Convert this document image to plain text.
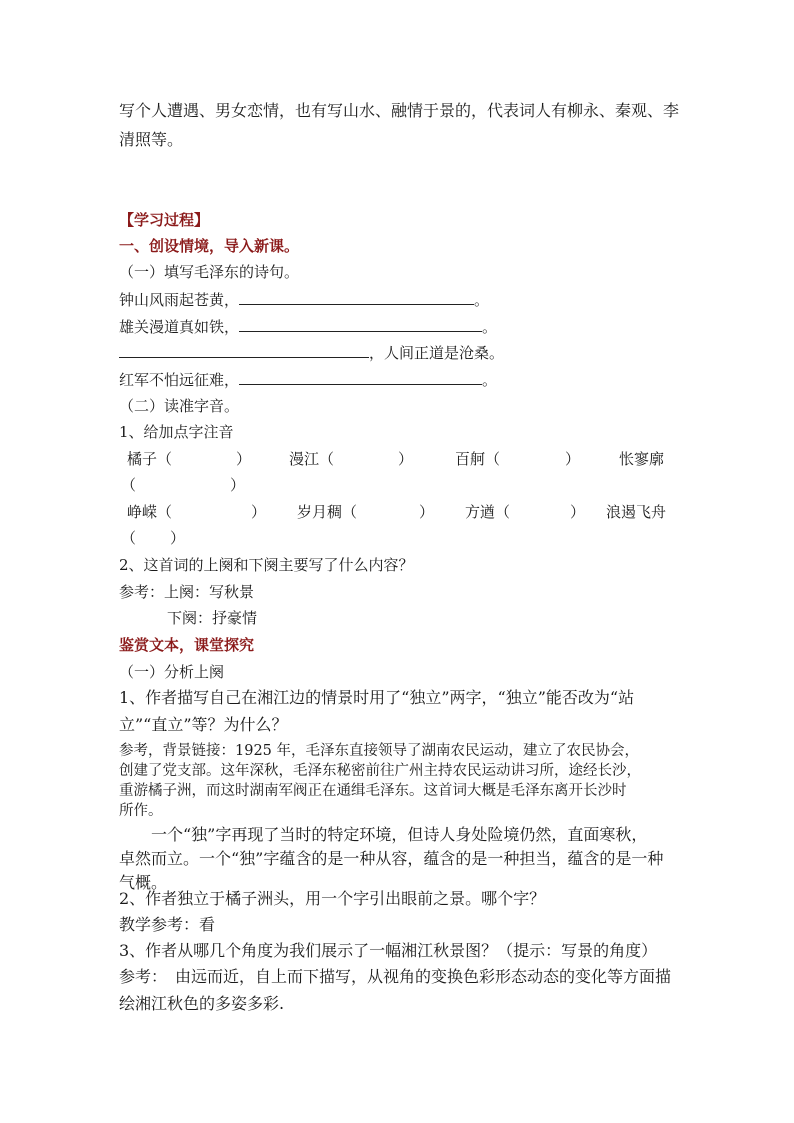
写个人遭遇、男女恋情，也有写山水、融情于景的，代表词人有柳永、秦观、李
清照等。
【学习过程】
一、创设情境，导入新课。
（一）填写毛泽东的诗句。
钟山风雨起苍黄，	。
雄关漫道真如铁，	。
，人间正道是沧桑。
红军不怕远征难，	。
（二）读准字音。
1、给加点字注音
橘子（	）	漫江（	）	百舸（	）	怅寥廓
（	）
峥嵘（	） 岁月稠（	） 方遒（	） 浪遏飞舟
（ ）
2、这首词的上阕和下阕主要写了什么内容？
参考：上阕：写秋景
下阕：抒豪情
鉴赏文本，课堂探究
（一）分析上阕
1、作者描写自己在湘江边的情景时用了“独立”两字，“独立”能否改为“站
立”“直立”等？为什么？
参考，背景链接：1925 年，毛泽东直接领导了湖南农民运动，建立了农民协会，
创建了党支部。这年深秋，毛泽东秘密前往广州主持农民运动讲习所，途经长沙，
重游橘子洲，而这时湖南军阀正在通缉毛泽东。这首词大概是毛泽东离开长沙时
所作。
　　一个“独”字再现了当时的特定环境，但诗人身处险境仍然，直面寒秋，
卓然而立。一个“独”字蕴含的是一种从容，蕴含的是一种担当，蕴含的是一种
气概。
2、作者独立于橘子洲头，用一个字引出眼前之景。哪个字？
教学参考：看
3、作者从哪几个角度为我们展示了一幅湘江秋景图？（提示：写景的角度）
参考：　由远而近，自上而下描写，从视角的变换色彩形态动态的变化等方面描
绘湘江秋色的多姿多彩.
